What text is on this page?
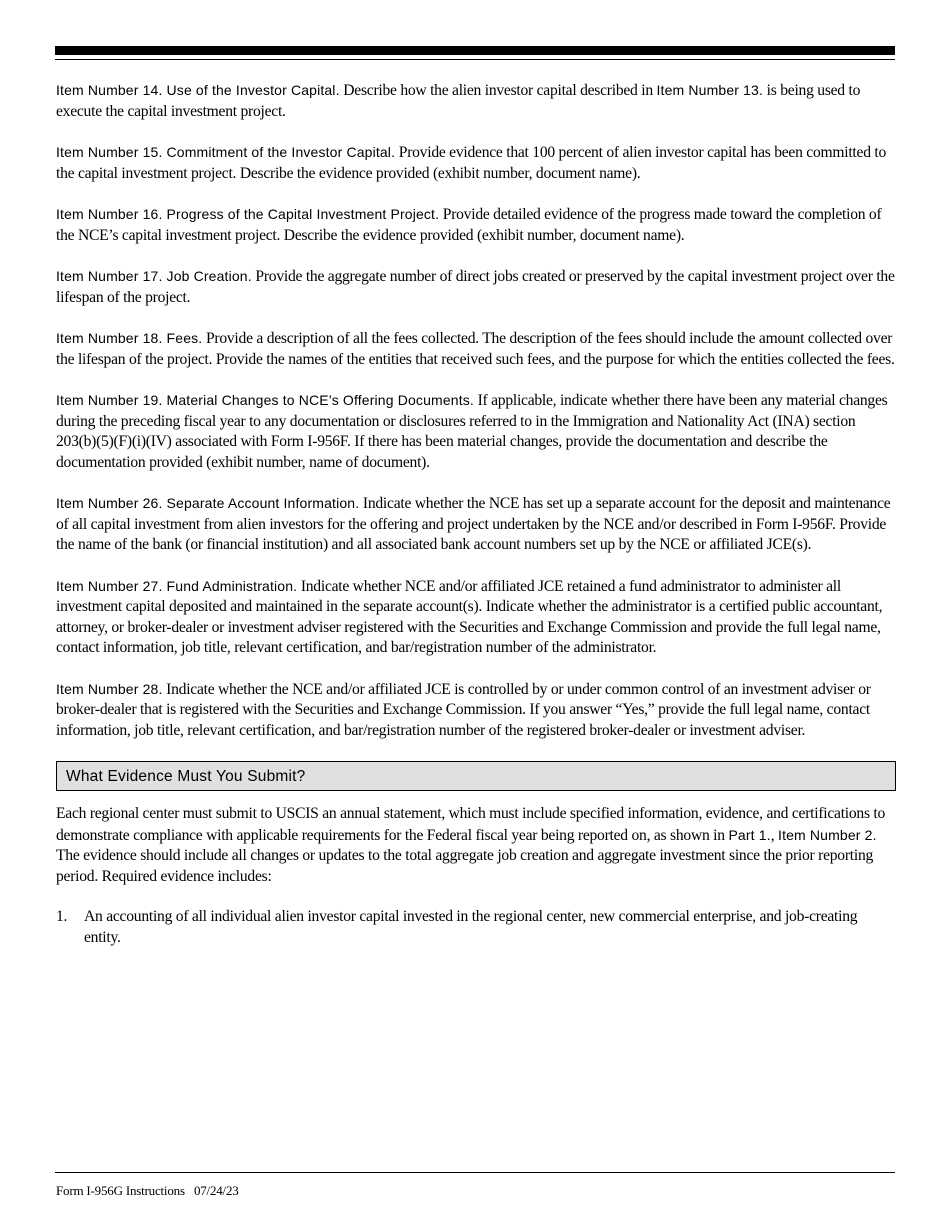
Item Number 14. Use of the Investor Capital. Describe how the alien investor capital described in Item Number 13. is being used to execute the capital investment project.

Item Number 15. Commitment of the Investor Capital. Provide evidence that 100 percent of alien investor capital has been committed to the capital investment project. Describe the evidence provided (exhibit number, document name).

Item Number 16. Progress of the Capital Investment Project. Provide detailed evidence of the progress made toward the completion of the NCE’s capital investment project. Describe the evidence provided (exhibit number, document name).

Item Number 17. Job Creation. Provide the aggregate number of direct jobs created or preserved by the capital investment project over the lifespan of the project.

Item Number 18. Fees. Provide a description of all the fees collected. The description of the fees should include the amount collected over the lifespan of the project. Provide the names of the entities that received such fees, and the purpose for which the entities collected the fees.

Item Number 19. Material Changes to NCE’s Offering Documents. If applicable, indicate whether there have been any material changes during the preceding fiscal year to any documentation or disclosures referred to in the Immigration and Nationality Act (INA) section 203(b)(5)(F)(i)(IV) associated with Form I-956F. If there has been material changes, provide the documentation and describe the documentation provided (exhibit number, name of document).

Item Number 26. Separate Account Information. Indicate whether the NCE has set up a separate account for the deposit and maintenance of all capital investment from alien investors for the offering and project undertaken by the NCE and/or described in Form I-956F. Provide the name of the bank (or financial institution) and all associated bank account numbers set up by the NCE or affiliated JCE(s).

Item Number 27. Fund Administration. Indicate whether NCE and/or affiliated JCE retained a fund administrator to administer all investment capital deposited and maintained in the separate account(s). Indicate whether the administrator is a certified public accountant, attorney, or broker-dealer or investment adviser registered with the Securities and Exchange Commission and provide the full legal name, contact information, job title, relevant certification, and bar/registration number of the administrator.

Item Number 28. Indicate whether the NCE and/or affiliated JCE is controlled by or under common control of an investment adviser or broker-dealer that is registered with the Securities and Exchange Commission. If you answer “Yes,” provide the full legal name, contact information, job title, relevant certification, and bar/registration number of the registered broker-dealer or investment adviser.

What Evidence Must You Submit?

Each regional center must submit to USCIS an annual statement, which must include specified information, evidence, and certifications to demonstrate compliance with applicable requirements for the Federal fiscal year being reported on, as shown in Part 1., Item Number 2. The evidence should include all changes or updates to the total aggregate job creation and aggregate investment since the prior reporting period. Required evidence includes:

1.	An accounting of all individual alien investor capital invested in the regional center, new commercial enterprise, and job-creating entity.
Form I-956G Instructions   07/24/23
